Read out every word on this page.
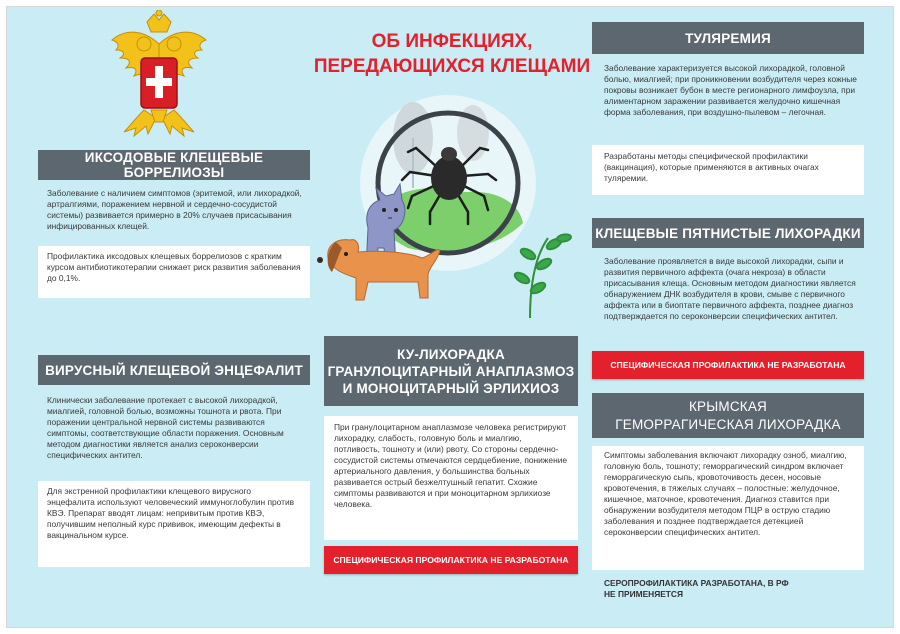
ОБ ИНФЕКЦИЯХ,
ПЕРЕДАЮЩИХСЯ КЛЕЩАМИ
ИКСОДОВЫЕ КЛЕЩЕВЫЕ БОРРЕЛИОЗЫ
Заболевание с наличием симптомов (эритемой, или лихорадкой, артралгиями, поражением нервной и сердечно-сосудистой системы) развивается примерно в 20% случаев присасывания инфицированных клещей.
Профилактика иксодовых клещевых боррелиозов с кратким курсом антибиотикотерапии снижает риск развития заболевания до 0,1%.
ВИРУСНЫЙ КЛЕЩЕВОЙ ЭНЦЕФАЛИТ
Клинически заболевание протекает с высокой лихорадкой, миалгией, головной болью, возможны тошнота и рвота. При поражении центральной нервной системы развиваются симптомы, соответствующие области поражения. Основным методом диагностики является анализ сероконверсии специфических антител.
Для экстренной профилактики клещевого вирусного энцефалита используют человеческий иммуноглобулин против КВЭ. Препарат вводят лицам: непривитым против КВЭ, получившим неполный курс прививок, имеющим дефекты в вакцинальном курсе.
КУ-ЛИХОРАДКА
ГРАНУЛОЦИТАРНЫЙ АНАПЛАЗМОЗ
И МОНОЦИТАРНЫЙ ЭРЛИХИОЗ
При гранулоцитарном анаплазмозе человека регистрируют лихорадку, слабость, головную боль и миалгию, потливость, тошноту и (или) рвоту. Со стороны сердечно-сосудистой системы отмечаются сердцебиение, понижение артериального давления, у большинства больных развивается острый безжелтушный гепатит. Схожие симптомы развиваются и при моноцитарном эрлихиозе человека.
СПЕЦИФИЧЕСКАЯ ПРОФИЛАКТИКА НЕ РАЗРАБОТАНА
ТУЛЯРЕМИЯ
Заболевание характеризуется высокой лихорадкой, головной болью, миалгией; при проникновении возбудителя через кожные покровы возникает бубон в месте регионарного лимфоузла, при алиментарном заражении развивается желудочно кишечная форма заболевания, при воздушно-пылевом – легочная.
Разработаны методы специфической профилактики (вакцинация), которые применяются в активных очагах туляремии.
КЛЕЩЕВЫЕ ПЯТНИСТЫЕ ЛИХОРАДКИ
Заболевание проявляется в виде высокой лихорадки, сыпи и развития первичного аффекта (очага некроза) в области присасывания клеща. Основным методом диагностики является обнаружением ДНК возбудителя в крови, смыве с первичного аффекта или в биоптате первичного аффекта, позднее диагноз подтверждается по сероконверсии специфических антител.
СПЕЦИФИЧЕСКАЯ ПРОФИЛАКТИКА НЕ РАЗРАБОТАНА
КРЫМСКАЯ
ГЕМОРРАГИЧЕСКАЯ ЛИХОРАДКА
Симптомы заболевания включают лихорадку озноб, миалгию, головную боль, тошноту; геморрагический синдром включает геморрагическую сыпь, кровоточивость десен, носовые кровотечения, в тяжелых случаях – полостные: желудочное, кишечное, маточное, кровотечения. Диагноз ставится при обнаружении возбудителя методом ПЦР в острую стадию заболевания и позднее подтверждается детекцией сероконверсии специфических антител.
СЕРОПРОФИЛАКТИКА РАЗРАБОТАНА, В РФ
НЕ ПРИМЕНЯЕТСЯ
